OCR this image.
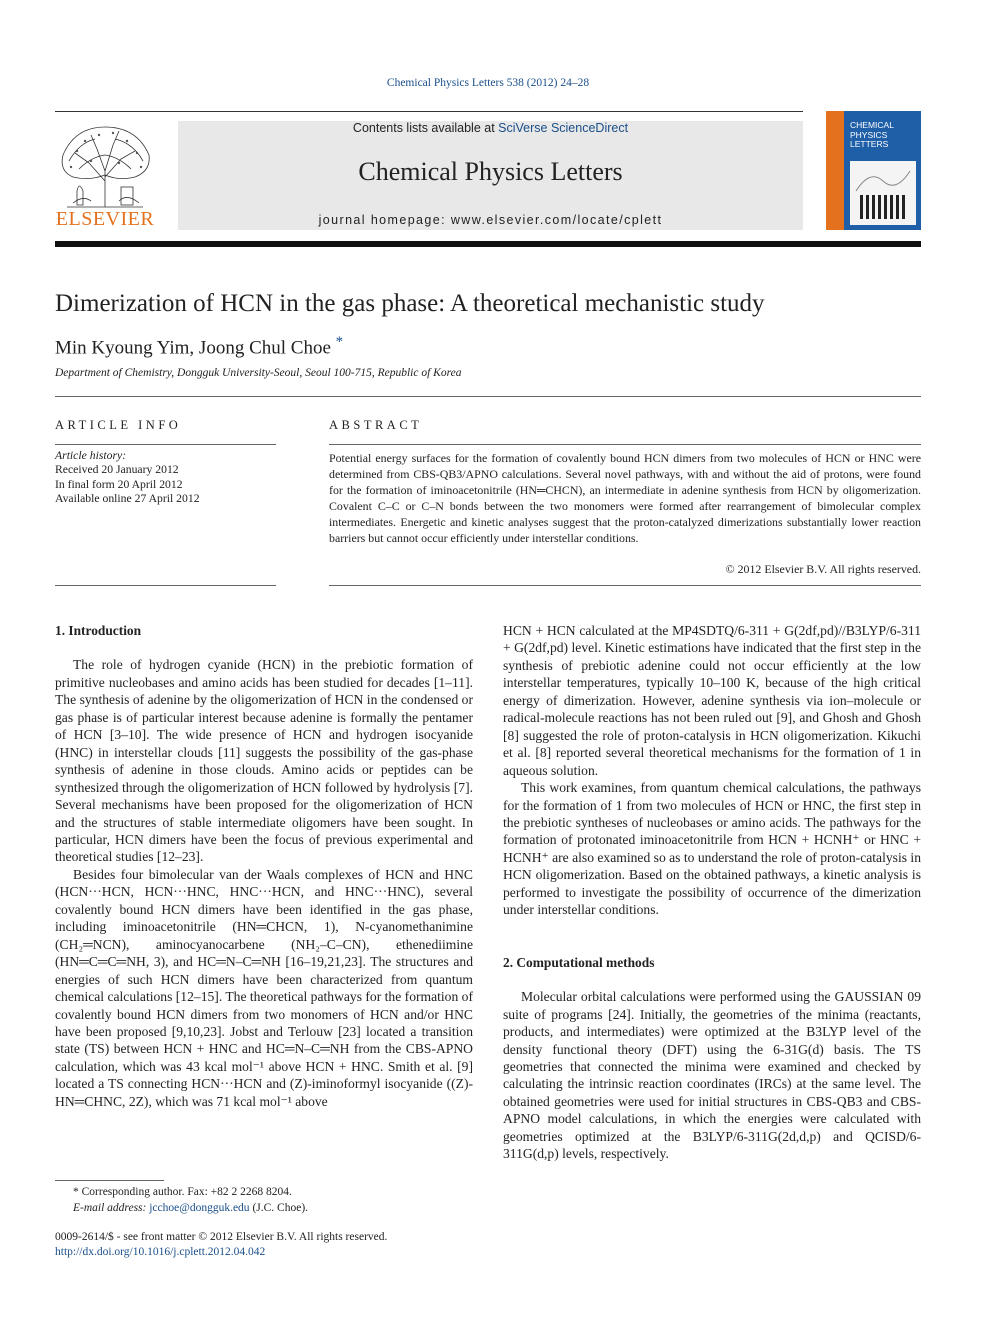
Chemical Physics Letters 538 (2012) 24–28
ELSEVIER
Contents lists available at SciVerse ScienceDirect
Chemical Physics Letters
journal homepage: www.elsevier.com/locate/cplett
CHEMICAL PHYSICS LETTERS
Dimerization of HCN in the gas phase: A theoretical mechanistic study
Min Kyoung Yim, Joong Chul Choe *
Department of Chemistry, Dongguk University-Seoul, Seoul 100-715, Republic of Korea
ARTICLE INFO	ABSTRACT
Article history:
Received 20 January 2012
In final form 20 April 2012
Available online 27 April 2012
Potential energy surfaces for the formation of covalently bound HCN dimers from two molecules of HCN or HNC were determined from CBS-QB3/APNO calculations. Several novel pathways, with and without the aid of protons, were found for the formation of iminoacetonitrile (HN═CHCN), an intermediate in adenine synthesis from HCN by oligomerization. Covalent C–C or C–N bonds between the two monomers were formed after rearrangement of bimolecular complex intermediates. Energetic and kinetic analyses suggest that the proton-catalyzed dimerizations substantially lower reaction barriers but cannot occur efficiently under interstellar conditions.
© 2012 Elsevier B.V. All rights reserved.
1. Introduction

The role of hydrogen cyanide (HCN) in the prebiotic formation of primitive nucleobases and amino acids has been studied for decades [1–11]. The synthesis of adenine by the oligomerization of HCN in the condensed or gas phase is of particular interest because adenine is formally the pentamer of HCN [3–10]. The wide presence of HCN and hydrogen isocyanide (HNC) in interstellar clouds [11] suggests the possibility of the gas-phase synthesis of adenine in those clouds. Amino acids or peptides can be synthesized through the oligomerization of HCN followed by hydrolysis [7]. Several mechanisms have been proposed for the oligomerization of HCN and the structures of stable intermediate oligomers have been sought. In particular, HCN dimers have been the focus of previous experimental and theoretical studies [12–23].

Besides four bimolecular van der Waals complexes of HCN and HNC (HCN···HCN, HCN···HNC, HNC···HCN, and HNC···HNC), several covalently bound HCN dimers have been identified in the gas phase, including iminoacetonitrile (HN═CHCN, 1), N-cyanomethanimine (CH₂═NCN), aminocyanocarbene (NH₂–C–CN), ethenediimine (HN═C═C═NH, 3), and HC═N–C═NH [16–19,21,23]. The structures and energies of such HCN dimers have been characterized from quantum chemical calculations [12–15]. The theoretical pathways for the formation of covalently bound HCN dimers from two monomers of HCN and/or HNC have been proposed [9,10,23]. Jobst and Terlouw [23] located a transition state (TS) between HCN + HNC and HC═N–C═NH from the CBS-APNO calculation, which was 43 kcal mol⁻¹ above HCN + HNC. Smith et al. [9] located a TS connecting HCN···HCN and (Z)-iminoformyl isocyanide ((Z)-HN═CHNC, 2Z), which was 71 kcal mol⁻¹ above

HCN + HCN calculated at the MP4SDTQ/6-311 + G(2df,pd)//B3LYP/6-311 + G(2df,pd) level. Kinetic estimations have indicated that the first step in the synthesis of prebiotic adenine could not occur efficiently at the low interstellar temperatures, typically 10–100 K, because of the high critical energy of dimerization. However, adenine synthesis via ion–molecule or radical-molecule reactions has not been ruled out [9], and Ghosh and Ghosh [8] suggested the role of proton-catalysis in HCN oligomerization. Kikuchi et al. [8] reported several theoretical mechanisms for the formation of 1 in aqueous solution.

This work examines, from quantum chemical calculations, the pathways for the formation of 1 from two molecules of HCN or HNC, the first step in the prebiotic syntheses of nucleobases or amino acids. The pathways for the formation of protonated iminoacetonitrile from HCN + HCNH⁺ or HNC + HCNH⁺ are also examined so as to understand the role of proton-catalysis in HCN oligomerization. Based on the obtained pathways, a kinetic analysis is performed to investigate the possibility of occurrence of the dimerization under interstellar conditions.

2. Computational methods

Molecular orbital calculations were performed using the GAUSSIAN 09 suite of programs [24]. Initially, the geometries of the minima (reactants, products, and intermediates) were optimized at the B3LYP level of the density functional theory (DFT) using the 6-31G(d) basis. The TS geometries that connected the minima were examined and checked by calculating the intrinsic reaction coordinates (IRCs) at the same level. The obtained geometries were used for initial structures in CBS-QB3 and CBS-APNO model calculations, in which the energies were calculated with geometries optimized at the B3LYP/6-311G(2d,d,p) and QCISD/6-311G(d,p) levels, respectively.

* Corresponding author. Fax: +82 2 2268 8204.
E-mail address: jcchoe@dongguk.edu (J.C. Choe).
0009-2614/$ - see front matter © 2012 Elsevier B.V. All rights reserved.
http://dx.doi.org/10.1016/j.cplett.2012.04.042
